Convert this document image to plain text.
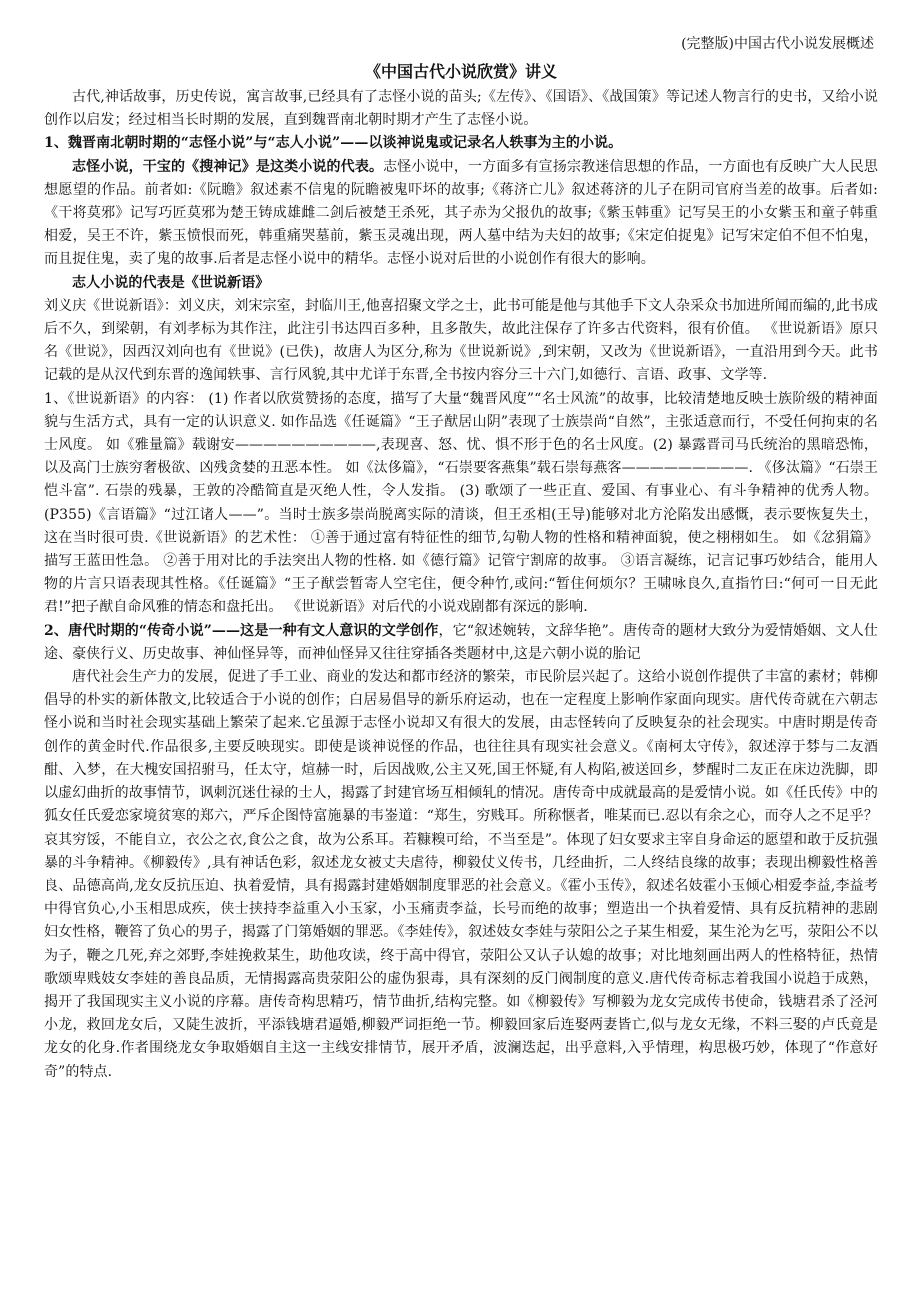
(完整版)中国古代小说发展概述
《中国古代小说欣赏》讲义

古代,神话故事，历史传说，寓言故事,已经具有了志怪小说的苗头;《左传》、《国语》、《战国策》等记述人物言行的史书，又给小说创作以启发；经过相当长时期的发展，直到魏晋南北朝时期才产生了志怪小说。

1、魏晋南北朝时期的“志怪小说”与“志人小说”——以谈神说鬼或记录名人轶事为主的小说。

志怪小说，干宝的《搜神记》是这类小说的代表。志怪小说中，一方面多有宣扬宗教迷信思想的作品，一方面也有反映广大人民思想愿望的作品。前者如:《阮瞻》叙述素不信鬼的阮瞻被鬼吓坏的故事;《蒋济亡儿》叙述蒋济的儿子在阴司官府当差的故事。后者如:《干将莫邪》记写巧匠莫邪为楚王铸成雄雌二剑后被楚王杀死，其子赤为父报仇的故事;《紫玉韩重》记写吴王的小女紫玉和童子韩重相爱，吴王不许，紫玉愤恨而死，韩重痛哭墓前，紫玉灵魂出现，两人墓中结为夫妇的故事;《宋定伯捉鬼》记写宋定伯不但不怕鬼，而且捉住鬼，卖了鬼的故事.后者是志怪小说中的精华。志怪小说对后世的小说创作有很大的影响。

志人小说的代表是《世说新语》

刘义庆《世说新语》：刘义庆，刘宋宗室，封临川王,他喜招聚文学之士，此书可能是他与其他手下文人杂采众书加进所闻而编的,此书成后不久，到梁朝，有刘孝标为其作注，此注引书达四百多种，且多散失，故此注保存了许多古代资料，很有价值。 《世说新语》原只名《世说》，因西汉刘向也有《世说》(已佚)，故唐人为区分,称为《世说新说》,到宋朝，又改为《世说新语》，一直沿用到今天。此书记载的是从汉代到东晋的逸闻轶事、言行风貌,其中尤详于东晋,全书按内容分三十六门,如德行、言语、政事、文学等.

1、《世说新语》的内容： (1) 作者以欣赏赞扬的态度，描写了大量“魏晋风度”“名士风流”的故事，比较清楚地反映士族阶级的精神面貌与生活方式，具有一定的认识意义. 如作品选《任诞篇》“王子猷居山阴”表现了士族崇尚“自然”，主张适意而行，不受任何拘束的名士风度。 如《雅量篇》载谢安——————————,表现喜、怒、忧、惧不形于色的名士风度。(2) 暴露晋司马氏统治的黑暗恐怖，以及高门士族穷奢极欲、凶残贪婪的丑恶本性。 如《汰侈篇》，“石崇要客燕集”载石崇每燕客—————————. 《侈汰篇》“石崇王恺斗富”. 石崇的残暴，王敦的冷酷简直是灭绝人性，令人发指。 (3) 歌颂了一些正直、爱国、有事业心、有斗争精神的优秀人物。(P355)《言语篇》“过江诸人——”。当时士族多崇尚脱离实际的清谈，但王丞相(王导)能够对北方沦陷发出感慨，表示要恢复失土，这在当时很可贵.《世说新语》的艺术性： ①善于通过富有特征性的细节,勾勒人物的性格和精神面貌，使之栩栩如生。 如《忿狷篇》描写王蓝田性急。 ②善于用对比的手法突出人物的性格. 如《德行篇》记管宁割席的故事。 ③语言凝练，记言记事巧妙结合，能用人物的片言只语表现其性格。《任诞篇》“王子猷尝暂寄人空宅住，便令种竹,或问:“暂住何烦尔？王啸咏良久,直指竹曰:“何可一日无此君!”把子猷自命风雅的情态和盘托出。 《世说新语》对后代的小说戏剧都有深远的影响.

2、唐代时期的“传奇小说”——这是一种有文人意识的文学创作，它“叙述婉转，文辞华艳”。唐传奇的题材大致分为爱情婚姻、文人仕途、豪侠行义、历史故事、神仙怪异等，而神仙怪异又往往穿插各类题材中,这是六朝小说的胎记

唐代社会生产力的发展，促进了手工业、商业的发达和都市经济的繁荣，市民阶层兴起了。这给小说创作提供了丰富的素材；韩柳倡导的朴实的新体散文,比较适合于小说的创作；白居易倡导的新乐府运动，也在一定程度上影响作家面向现实。唐代传奇就在六朝志怪小说和当时社会现实基础上繁荣了起来.它虽源于志怪小说却又有很大的发展，由志怪转向了反映复杂的社会现实。中唐时期是传奇创作的黄金时代.作品很多,主要反映现实。即使是谈神说怪的作品，也往往具有现实社会意义。《南柯太守传》，叙述淳于棼与二友酒酣、入梦，在大槐安国招驸马，任太守，煊赫一时，后因战败,公主又死,国王怀疑,有人构陷,被送回乡，梦醒时二友正在床边洗脚，即以虚幻曲折的故事情节，讽刺沉迷仕禄的士人，揭露了封建官场互相倾轧的情况。唐传奇中成就最高的是爱情小说。如《任氏传》中的狐女任氏爱恋家境贫寒的郑六，严斥企图恃富施暴的韦崟道：“郑生，穷贱耳。所称惬者，唯某而已.忍以有余之心，而夺人之不足乎？哀其穷馁，不能自立，衣公之衣,食公之食，故为公系耳。若糠糗可给，不当至是”。体现了妇女要求主宰自身命运的愿望和敢于反抗强暴的斗争精神。《柳毅传》,具有神话色彩，叙述龙女被丈夫虐待，柳毅仗义传书，几经曲折，二人终结良缘的故事；表现出柳毅性格善良、品德高尚,龙女反抗压迫、执着爱情，具有揭露封建婚姻制度罪恶的社会意义。《霍小玉传》，叙述名妓霍小玉倾心相爱李益,李益考中得官负心,小玉相思成疾，侠士挟持李益重入小玉家，小玉痛责李益，长号而绝的故事；塑造出一个执着爱情、具有反抗精神的悲剧妇女性格，鞭笞了负心的男子，揭露了门第婚姻的罪恶。《李娃传》，叙述妓女李娃与荥阳公之子某生相爱，某生沦为乞丐，荥阳公不以为子，鞭之几死,弃之郊野,李娃挽救某生，助他攻读，终于高中得官，荥阳公又认子认媳的故事；对比地刻画出两人的性格特征，热情歌颂卑贱妓女李娃的善良品质，无情揭露高贵荥阳公的虚伪狠毒，具有深刻的反门阀制度的意义.唐代传奇标志着我国小说趋于成熟，揭开了我国现实主义小说的序幕。唐传奇构思精巧，情节曲折,结构完整。如《柳毅传》写柳毅为龙女完成传书使命，钱塘君杀了泾河小龙，救回龙女后，又陡生波折，平添钱塘君逼婚,柳毅严词拒绝一节。柳毅回家后连娶两妻皆亡,似与龙女无缘，不料三娶的卢氏竟是龙女的化身.作者围绕龙女争取婚姻自主这一主线安排情节，展开矛盾，波澜迭起，出乎意料,入乎情理，构思极巧妙，体现了“作意好奇”的特点.
